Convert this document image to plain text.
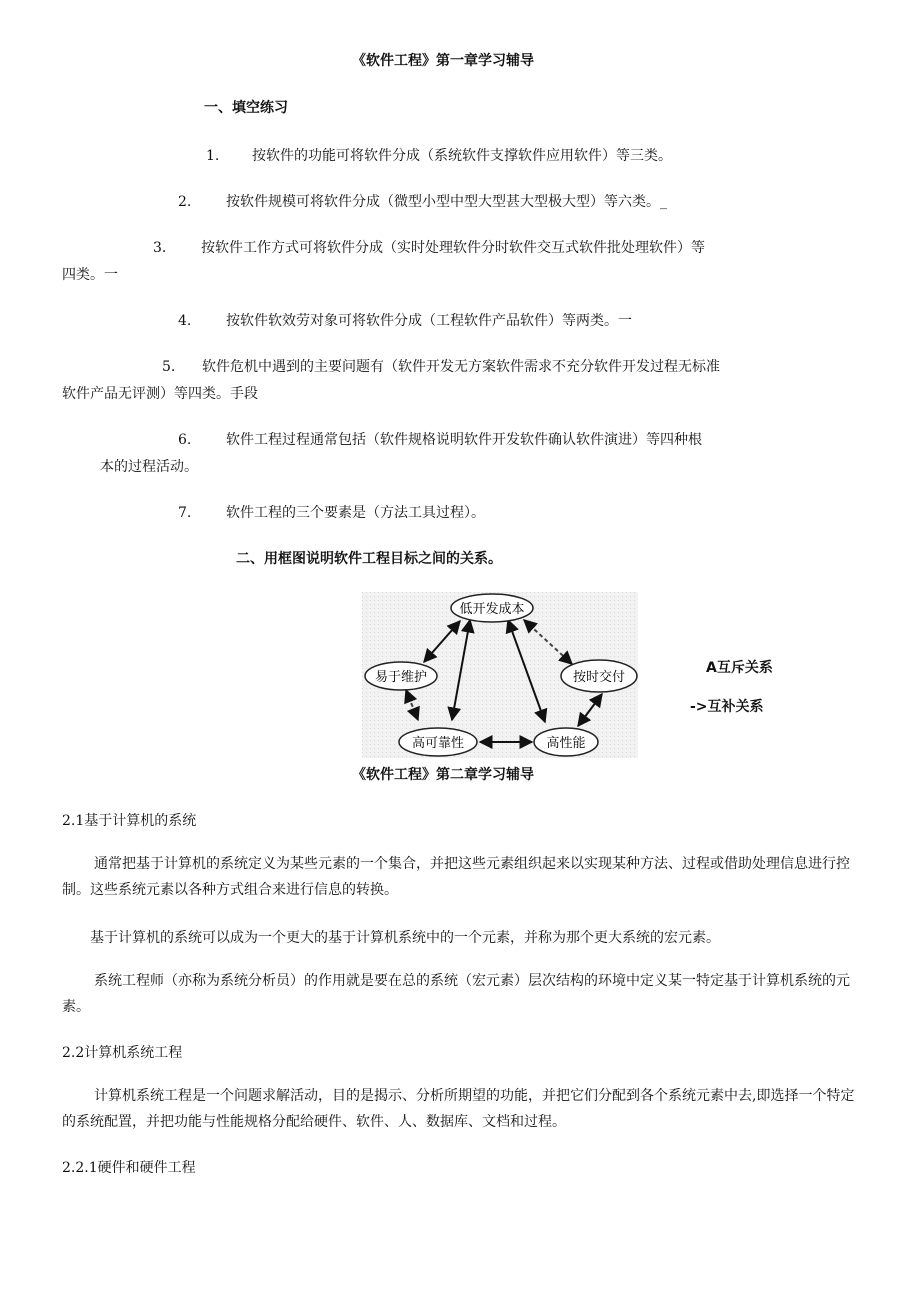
《软件工程》第一章学习辅导
一、填空练习
1. 按软件的功能可将软件分成（系统软件支撑软件应用软件）等三类。
2. 按软件规模可将软件分成（微型小型中型大型甚大型极大型）等六类。_
3. 按软件工作方式可将软件分成（实时处理软件分时软件交互式软件批处理软件）等
四类。一
4. 按软件软效劳对象可将软件分成（工程软件产品软件）等两类。一
5. 软件危机中遇到的主要问题有（软件开发无方案软件需求不充分软件开发过程无标准
软件产品无评测）等四类。手段
6. 软件工程过程通常包括（软件规格说明软件开发软件确认软件演进）等四种根
本的过程活动。
7. 软件工程的三个要素是（方法工具过程）。
二、用框图说明软件工程目标之间的关系。
低开发成本
易于维护	按时交付
高可靠性	高性能
A互斥关系
->互补关系
《软件工程》第二章学习辅导
2.1基于计算机的系统
通常把基于计算机的系统定义为某些元素的一个集合，并把这些元素组织起来以实现某种方法、过程或借助处理信息进行控制。这些系统元素以各种方式组合来进行信息的转换。
基于计算机的系统可以成为一个更大的基于计算机系统中的一个元素，并称为那个更大系统的宏元素。
系统工程师（亦称为系统分析员）的作用就是要在总的系统（宏元素）层次结构的环境中定义某一特定基于计算机系统的元素。
2.2计算机系统工程
计算机系统工程是一个问题求解活动，目的是揭示、分析所期望的功能，并把它们分配到各个系统元素中去,即选择一个特定的系统配置，并把功能与性能规格分配给硬件、软件、人、数据库、文档和过程。
2.2.1硬件和硬件工程
